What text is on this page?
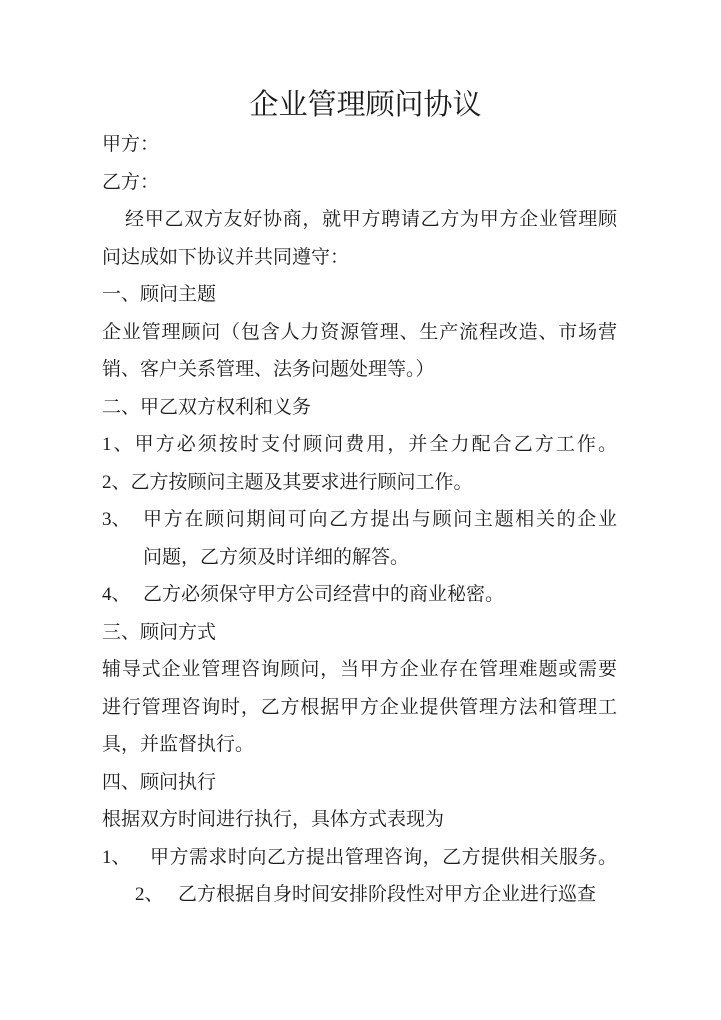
企业管理顾问协议
甲方：
乙方：
经甲乙双方友好协商，就甲方聘请乙方为甲方企业管理顾
问达成如下协议并共同遵守：
一、顾问主题
企业管理顾问（包含人力资源管理、生产流程改造、市场营
销、客户关系管理、法务问题处理等。）
二、甲乙双方权利和义务
1、甲方必须按时支付顾问费用，并全力配合乙方工作。
2、乙方按顾问主题及其要求进行顾问工作。
3、 甲方在顾问期间可向乙方提出与顾问主题相关的企业
问题，乙方须及时详细的解答。
4、 乙方必须保守甲方公司经营中的商业秘密。
三、顾问方式
辅导式企业管理咨询顾问，当甲方企业存在管理难题或需要
进行管理咨询时，乙方根据甲方企业提供管理方法和管理工
具，并监督执行。
四、顾问执行
根据双方时间进行执行，具体方式表现为
1、	甲方需求时向乙方提出管理咨询，乙方提供相关服务。
2、 乙方根据自身时间安排阶段性对甲方企业进行巡查
